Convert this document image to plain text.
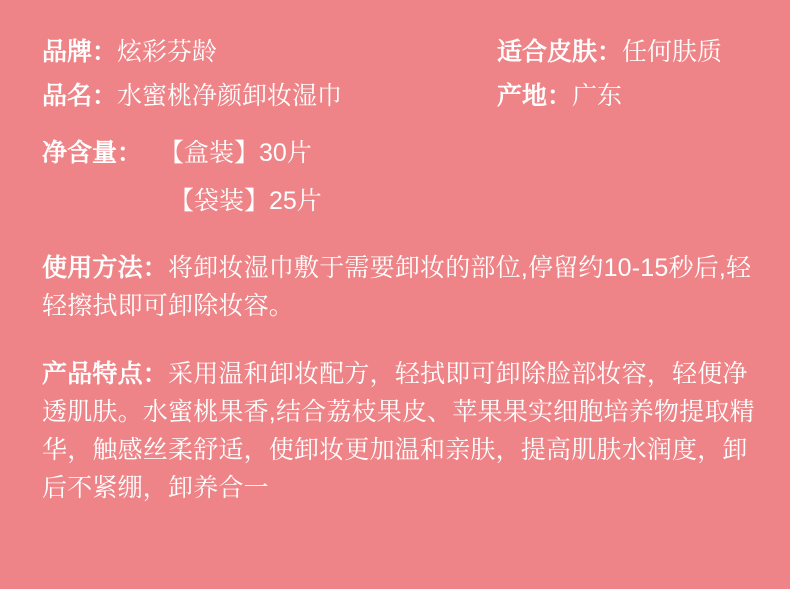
品牌： 炫彩芬龄	适合皮肤： 任何肤质
品名： 水蜜桃净颜卸妆湿巾	产地： 广东
净含量： 【盒装】30片
【袋装】25片
使用方法：将卸妆湿巾敷于需要卸妆的部位,停留约10-15秒后,轻轻擦拭即可卸除妆容。
产品特点：采用温和卸妆配方，轻拭即可卸除脸部妆容，轻便净透肌肤。水蜜桃果香,结合荔枝果皮、苹果果实细胞培养物提取精华，触感丝柔舒适，使卸妆更加温和亲肤，提高肌肤水润度，卸后不紧绷，卸养合一
